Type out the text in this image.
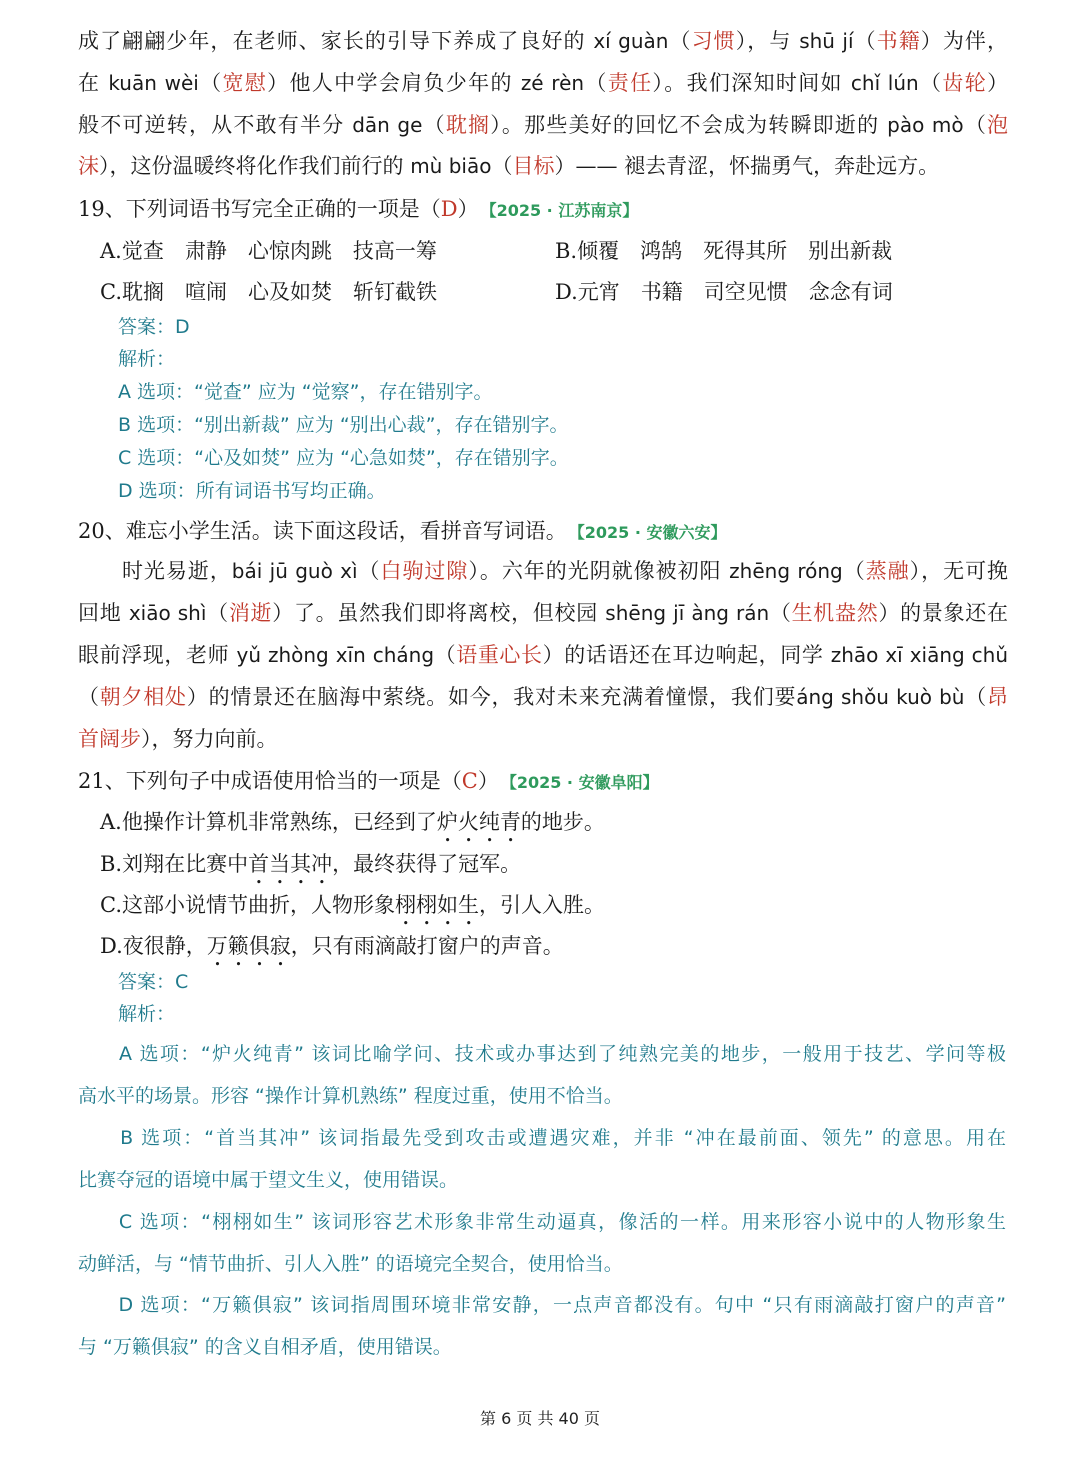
成了翩翩少年，在老师、家长的引导下养成了良好的 xí guàn（习惯），与 shū jí（书籍）为伴，
在 kuān wèi（宽慰）他人中学会肩负少年的 zé rèn（责任）。我们深知时间如 chǐ lún（齿轮）
般不可逆转，从不敢有半分 dān ge（耽搁）。那些美好的回忆不会成为转瞬即逝的 pào mò（泡
沫），这份温暖终将化作我们前行的 mù biāo（目标）—— 褪去青涩，怀揣勇气，奔赴远方。
19、下列词语书写完全正确的一项是（D） 【2025 · 江苏南京】
A.觉查　肃静　心惊肉跳　技高一筹	B.倾覆　鸿鹄　死得其所　别出新裁
C.耽搁　喧闹　心及如焚　斩钉截铁	D.元宵　书籍　司空见惯　念念有词
答案：D
解析：
A 选项：“觉查” 应为 “觉察”，存在错别字。
B 选项：“别出新裁” 应为 “别出心裁”，存在错别字。
C 选项：“心及如焚” 应为 “心急如焚”，存在错别字。
D 选项：所有词语书写均正确。
20、难忘小学生活。读下面这段话，看拼音写词语。 【2025 · 安徽六安】
　　时光易逝，bái jū guò xì（白驹过隙）。六年的光阴就像被初阳 zhēng róng（蒸融），无可挽
回地 xiāo shì（消逝）了。虽然我们即将离校，但校园 shēng jī àng rán（生机盎然）的景象还在
眼前浮现，老师 yǔ zhòng xīn cháng（语重心长）的话语还在耳边响起，同学 zhāo xī xiāng chǔ
（朝夕相处）的情景还在脑海中萦绕。如今，我对未来充满着憧憬，我们要áng shǒu kuò bù（昂
首阔步），努力向前。
21、下列句子中成语使用恰当的一项是（C） 【2025 · 安徽阜阳】
A.他操作计算机非常熟练，已经到了炉火纯青的地步。
B.刘翔在比赛中首当其冲，最终获得了冠军。
C.这部小说情节曲折，人物形象栩栩如生，引人入胜。
D.夜很静，万籁俱寂，只有雨滴敲打窗户的声音。
答案：C
解析：
　　A 选项：“炉火纯青” 该词比喻学问、技术或办事达到了纯熟完美的地步，一般用于技艺、学问等极
高水平的场景。形容 “操作计算机熟练” 程度过重，使用不恰当。
　　B 选项：“首当其冲” 该词指最先受到攻击或遭遇灾难，并非 “冲在最前面、领先” 的意思。用在
比赛夺冠的语境中属于望文生义，使用错误。
　　C 选项：“栩栩如生” 该词形容艺术形象非常生动逼真，像活的一样。用来形容小说中的人物形象生
动鲜活，与 “情节曲折、引人入胜” 的语境完全契合，使用恰当。
　　D 选项：“万籁俱寂” 该词指周围环境非常安静，一点声音都没有。句中 “只有雨滴敲打窗户的声音”
与 “万籁俱寂” 的含义自相矛盾，使用错误。
第 6 页 共 40 页
